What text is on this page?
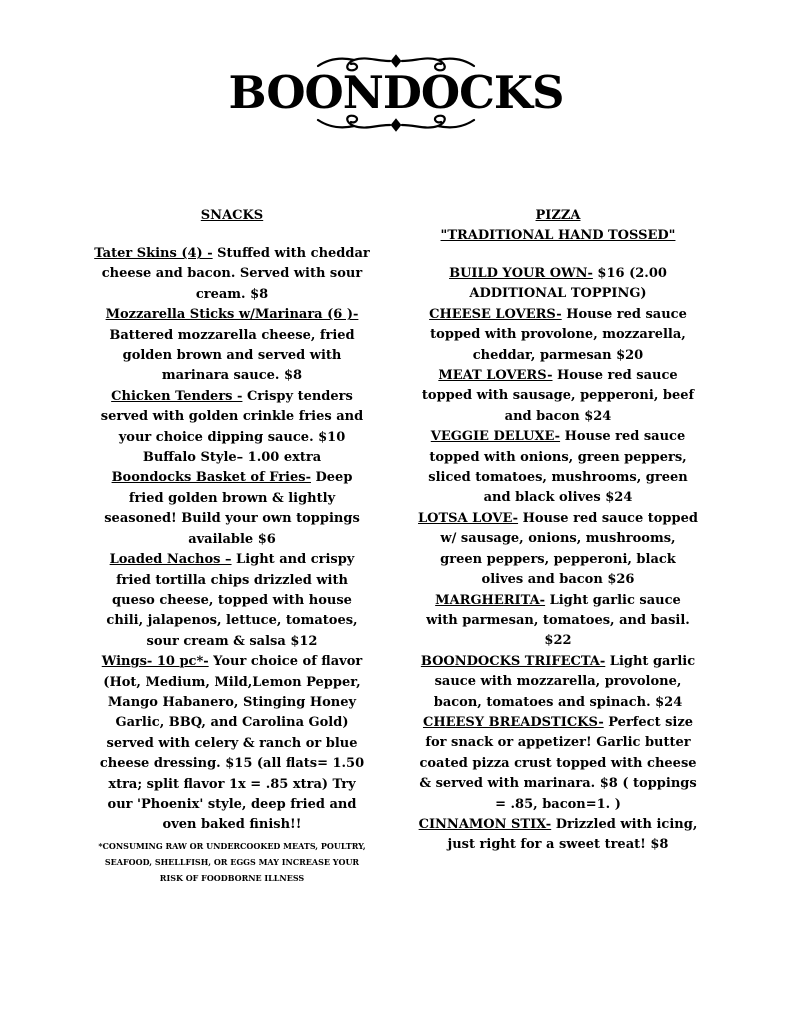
BOONDOCKS
SNACKS

Tater Skins (4) - Stuffed with cheddar cheese and bacon. Served with sour cream. $8

Mozzarella Sticks w/Marinara (6 )- Battered mozzarella cheese, fried golden brown and served with marinara sauce. $8

Chicken Tenders - Crispy tenders served with golden crinkle fries and your choice dipping sauce. $10 Buffalo Style– 1.00 extra

Boondocks Basket of Fries- Deep fried golden brown & lightly seasoned! Build your own toppings available $6

Loaded Nachos – Light and crispy fried tortilla chips drizzled with queso cheese, topped with house chili, jalapenos, lettuce, tomatoes, sour cream & salsa $12

Wings- 10 pc*- Your choice of flavor (Hot, Medium, Mild,Lemon Pepper, Mango Habanero, Stinging Honey Garlic, BBQ, and Carolina Gold) served with celery & ranch or blue cheese dressing. $15 (all flats= 1.50 xtra; split flavor 1x = .85 xtra) Try our 'Phoenix' style, deep fried and oven baked finish!!

*CONSUMING RAW OR UNDERCOOKED MEATS, POULTRY, SEAFOOD, SHELLFISH, OR EGGS MAY INCREASE YOUR RISK OF FOODBORNE ILLNESS
PIZZA
"TRADITIONAL HAND TOSSED"

BUILD YOUR OWN- $16 (2.00 ADDITIONAL TOPPING)

CHEESE LOVERS- House red sauce topped with provolone, mozzarella, cheddar, parmesan $20

MEAT LOVERS- House red sauce topped with sausage, pepperoni, beef and bacon $24

VEGGIE DELUXE- House red sauce topped with onions, green peppers, sliced tomatoes, mushrooms, green and black olives $24

LOTSA LOVE- House red sauce topped w/ sausage, onions, mushrooms, green peppers, pepperoni, black olives and bacon $26

MARGHERITA- Light garlic sauce with parmesan, tomatoes, and basil. $22

BOONDOCKS TRIFECTA- Light garlic sauce with mozzarella, provolone, bacon, tomatoes and spinach. $24

CHEESY BREADSTICKS- Perfect size for snack or appetizer! Garlic butter coated pizza crust topped with cheese & served with marinara. $8 ( toppings = .85, bacon=1. )

CINNAMON STIX- Drizzled with icing, just right for a sweet treat! $8
